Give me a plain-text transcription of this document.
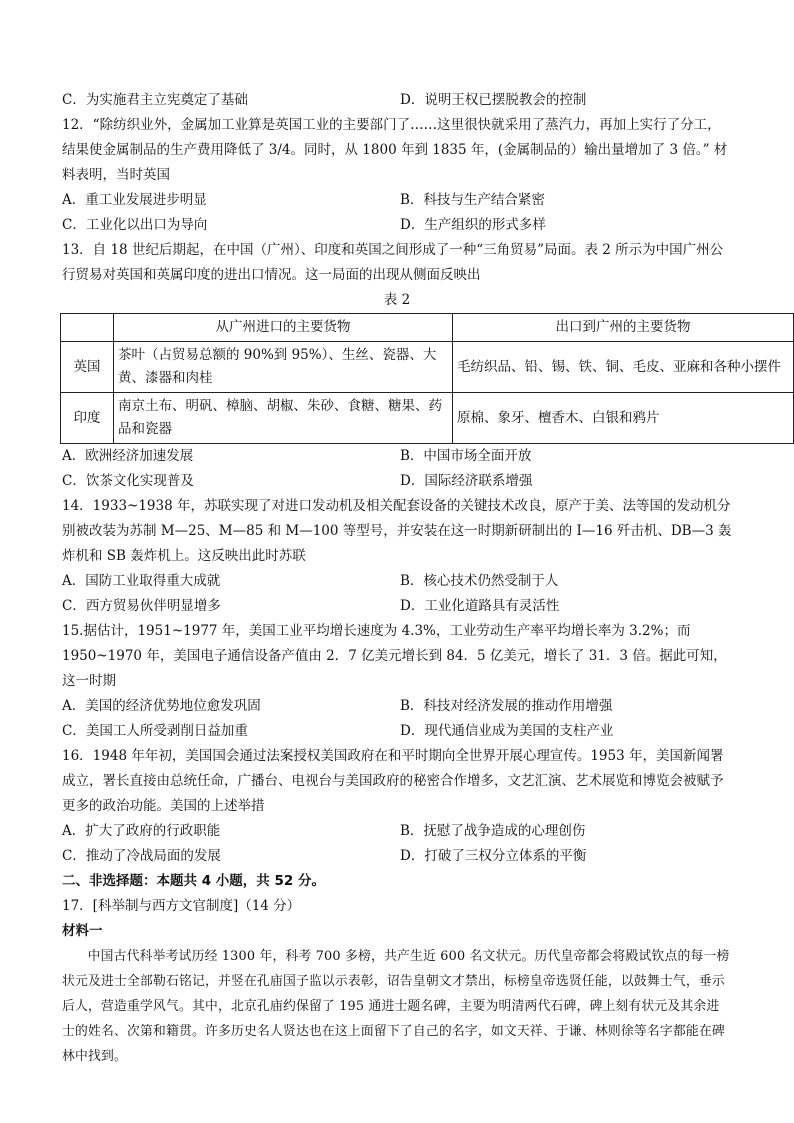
C．为实施君主立宪奠定了基础	D．说明王权已摆脱教会的控制
12．“除纺织业外，金属加工业算是英国工业的主要部门了……这里很快就采用了蒸汽力，再加上实行了分工，结果使金属制品的生产费用降低了 3/4。同时，从 1800 年到 1835 年，(金属制品的）输出量增加了 3 倍。” 材料表明，当时英国
A．重工业发展进步明显	B．科技与生产结合紧密
C．工业化以出口为导向	D．生产组织的形式多样
13．自 18 世纪后期起，在中国（广州）、印度和英国之间形成了一种“三角贸易”局面。表 2 所示为中国广州公行贸易对英国和英属印度的进出口情况。这一局面的出现从侧面反映出
表 2
	从广州进口的主要货物	出口到广州的主要货物
英国	茶叶（占贸易总额的 90%到 95%）、生丝、瓷器、大黄、漆器和肉桂	毛纺织品、铅、锡、铁、铜、毛皮、亚麻和各种小摆件
印度	南京土布、明矾、樟脑、胡椒、朱砂、食糖、糖果、药品和瓷器	原棉、象牙、檀香木、白银和鸦片
A．欧洲经济加速发展	B．中国市场全面开放
C．饮茶文化实现普及	D．国际经济联系增强
14．1933~1938 年，苏联实现了对进口发动机及相关配套设备的关键技术改良，原产于美、法等国的发动机分别被改装为苏制 M—25、M—85 和 M—100 等型号，并安装在这一时期新研制出的 I—16 歼击机、DB—3 轰炸机和 SB 轰炸机上。这反映出此时苏联
A．国防工业取得重大成就	B．核心技术仍然受制于人
C．西方贸易伙伴明显增多	D．工业化道路具有灵活性
15.据估计，1951~1977 年，美国工业平均增长速度为 4.3%，工业劳动生产率平均增长率为 3.2%；而 1950~1970 年，美国电子通信设备产值由 2．7 亿美元增长到 84．5 亿美元，增长了 31．3 倍。据此可知，这一时期
A．美国的经济优势地位愈发巩固	B．科技对经济发展的推动作用增强
C．美国工人所受剥削日益加重	D．现代通信业成为美国的支柱产业
16．1948 年年初，美国国会通过法案授权美国政府在和平时期向全世界开展心理宣传。1953 年，美国新闻署成立，署长直接由总统任命，广播台、电视台与美国政府的秘密合作增多，文艺汇演、艺术展览和博览会被赋予更多的政治功能。美国的上述举措
A．扩大了政府的行政职能	B．抚慰了战争造成的心理创伤
C．推动了冷战局面的发展	D．打破了三权分立体系的平衡
二、非选择题：本题共 4 小题，共 52 分。
17．[科举制与西方文官制度]（14 分）
材料一
中国古代科举考试历经 1300 年，科考 700 多榜，共产生近 600 名文状元。历代皇帝都会将殿试钦点的每一榜状元及进士全部勒石铭记，并竖在孔庙国子监以示表彰，诏告皇朝文才禁出，标榜皇帝选贤任能，以鼓舞士气，垂示后人，营造重学风气。其中，北京孔庙约保留了 195 通进士题名碑，主要为明清两代石碑，碑上刻有状元及其余进士的姓名、次第和籍贯。许多历史名人贤达也在这上面留下了自己的名字，如文天祥、于谦、林则徐等名字都能在碑林中找到。
